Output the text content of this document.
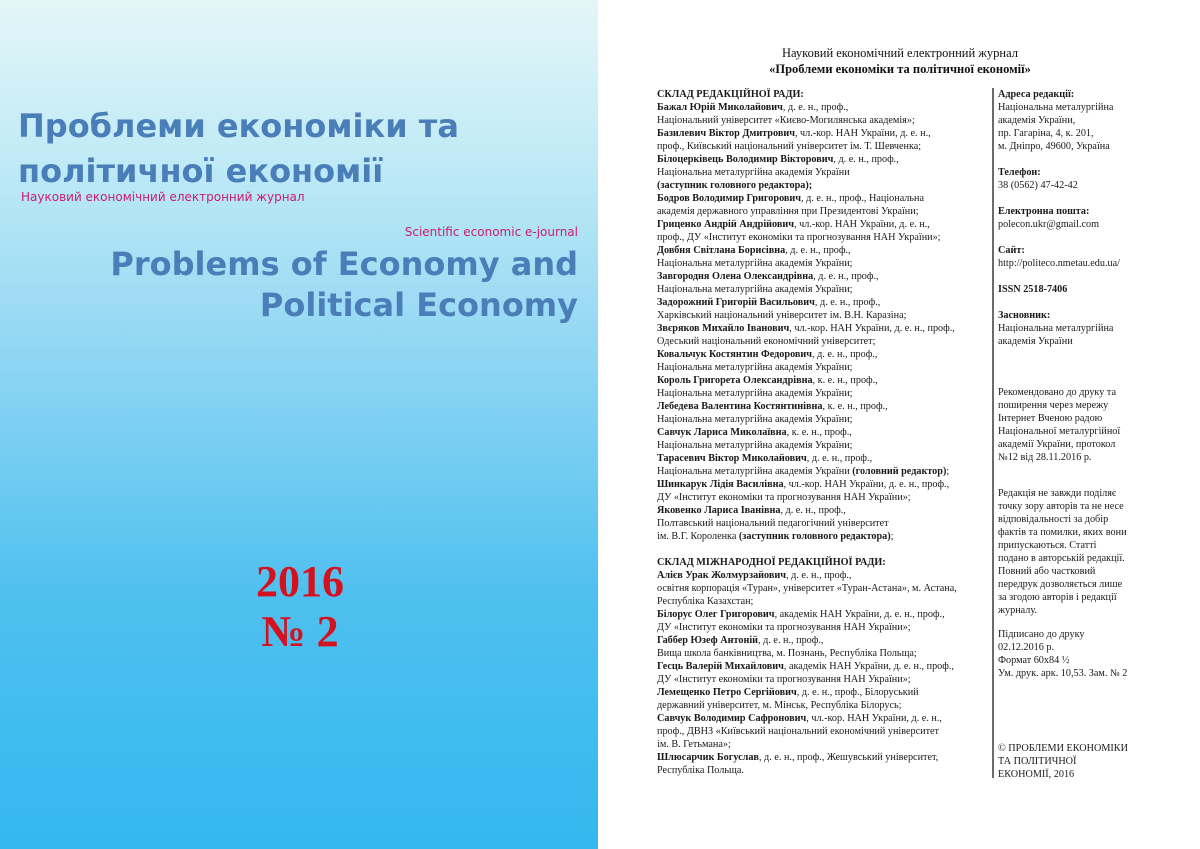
Проблеми економіки та
політичної економії
Науковий економічний електронний журнал
Scientific economic e-journal
Problems of Economy and
Political Economy
2016
№ 2
Науковий економічний електронний журнал
«Проблеми економіки та політичної економії»
СКЛАД РЕДАКЦІЙНОЇ РАДИ:
Бажал Юрій Миколайович, д. е. н., проф.,
Національний університет «Києво-Могилянська академія»;
Базилевич Віктор Дмитрович, чл.-кор. НАН України, д. е. н.,
проф., Київський національний університет ім. Т. Шевченка;
Білоцерківець Володимир Вікторович, д. е. н., проф.,
Національна металургійна академія України
(заступник головного редактора);
Бодров Володимир Григорович, д. е. н., проф., Національна
академія державного управління при Президентові України;
Гриценко Андрій Андрійович, чл.-кор. НАН України, д. е. н.,
проф., ДУ «Інститут економіки та прогнозування НАН України»;
Довбня Світлана Борисівна, д. е. н., проф.,
Національна металургійна академія України;
Завгородня Олена Олександрівна, д. е. н., проф.,
Національна металургійна академія України;
Задорожний Григорій Васильович, д. е. н., проф.,
Харківський національний університет ім. В.Н. Каразіна;
Звєряков Михайло Іванович, чл.-кор. НАН України, д. е. н., проф.,
Одеський національний економічний університет;
Ковальчук Костянтин Федорович, д. е. н., проф.,
Національна металургійна академія України;
Король Григорета Олександрівна, к. е. н., проф.,
Національна металургійна академія України;
Лебедева Валентина Костянтинівна, к. е. н., проф.,
Національна металургійна академія України;
Савчук Лариса Миколаївна, к. е. н., проф.,
Національна металургійна академія України;
Тарасевич Віктор Миколайович, д. е. н., проф.,
Національна металургійна академія України (головний редактор);
Шинкарук Лідія Василівна, чл.-кор. НАН України, д. е. н., проф.,
ДУ «Інститут економіки та прогнозування НАН України»;
Яковенко Лариса Іванівна, д. е. н., проф.,
Полтавський національний педагогічний університет
ім. В.Г. Короленка (заступник головного редактора);
СКЛАД МІЖНАРОДНОЇ РЕДАКЦІЙНОЇ РАДИ:
Алієв Урак Жолмурзайович, д. е. н., проф.,
освітня корпорація «Туран», університет «Туран-Астана», м. Астана,
Республіка Казахстан;
Білорус Олег Григорович, академік НАН України, д. е. н., проф.,
ДУ «Інститут економіки та прогнозування НАН України»;
Габбер Юзеф Антоній, д. е. н., проф.,
Вища школа банківництва, м. Познань, Республіка Польща;
Гесць Валерій Михайлович, академік НАН України, д. е. н., проф.,
ДУ «Інститут економіки та прогнозування НАН України»;
Лемещенко Петро Сергійович, д. е. н., проф., Білоруський
державний університет, м. Мінськ, Республіка Білорусь;
Савчук Володимир Сафронович, чл.-кор. НАН України, д. е. н.,
проф., ДВНЗ «Київський національний економічний університет
ім. В. Гетьмана»;
Шлюсарчик Богуслав, д. е. н., проф., Жешувський університет,
Республіка Польща.
Адреса редакції:
Національна металургійна
академія України,
пр. Гагаріна, 4, к. 201,
м. Дніпро, 49600, Україна
Телефон:
38 (0562) 47-42-42
Електронна пошта:
polecon.ukr@gmail.com
Сайт:
http://politeco.nmetau.edu.ua/
ISSN 2518-7406
Засновник:
Національна металургійна
академія України
Рекомендовано до друку та
поширення через мережу
Інтернет Вченою радою
Національної металургійної
академії України, протокол
№12 від 28.11.2016 р.
Редакція не завжди поділяє
точку зору авторів та не несе
відповідальності за добір
фактів та помилки, яких вони
припускаються. Статті
подано в авторській редакції.
Повний або частковий
передрук дозволяється лише
за згодою авторів і редакції
журналу.
Підписано до друку
02.12.2016 р.
Формат 60х84 ½
Ум. друк. арк. 10,53. Зам. № 2
© ПРОБЛЕМИ ЕКОНОМІКИ
ТА ПОЛІТИЧНОЇ
ЕКОНОМІЇ, 2016
